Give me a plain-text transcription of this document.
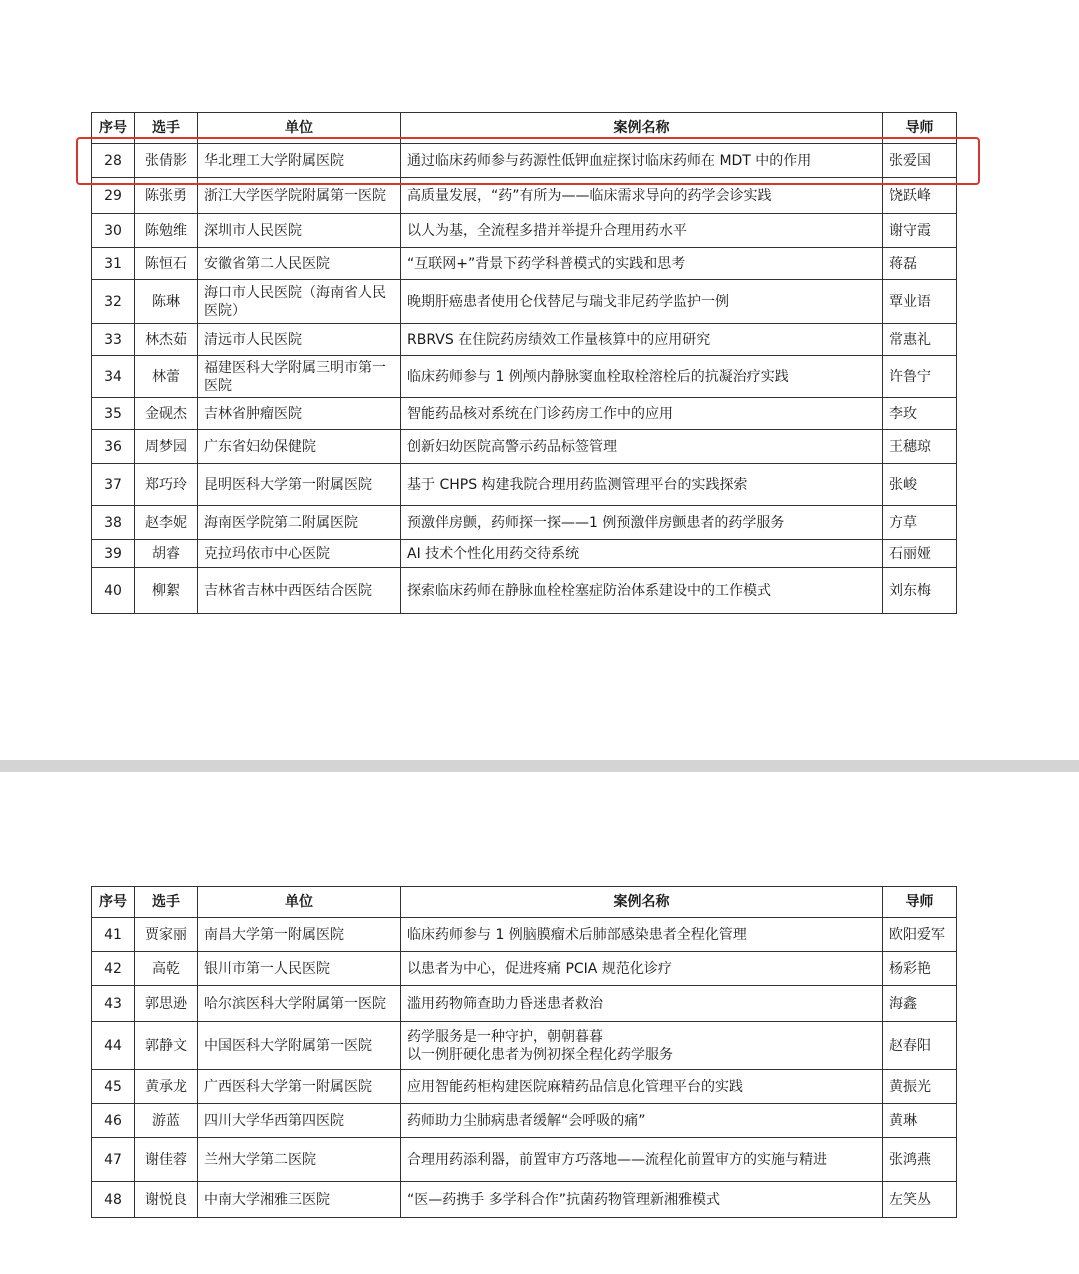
序号	选手	单位	案例名称	导师
28	张倩影	华北理工大学附属医院	通过临床药师参与药源性低钾血症探讨临床药师在 MDT 中的作用	张爱国
29	陈张勇	浙江大学医学院附属第一医院	高质量发展，“药”有所为——临床需求导向的药学会诊实践	饶跃峰
30	陈勉维	深圳市人民医院	以人为基，全流程多措并举提升合理用药水平	谢守霞
31	陈恒石	安徽省第二人民医院	“互联网+”背景下药学科普模式的实践和思考	蒋磊
32	陈琳	海口市人民医院（海南省人民医院）	晚期肝癌患者使用仑伐替尼与瑞戈非尼药学监护一例	覃业语
33	林杰茹	清远市人民医院	RBRVS 在住院药房绩效工作量核算中的应用研究	常惠礼
34	林蕾	福建医科大学附属三明市第一医院	临床药师参与 1 例颅内静脉窦血栓取栓溶栓后的抗凝治疗实践	许鲁宁
35	金砚杰	吉林省肿瘤医院	智能药品核对系统在门诊药房工作中的应用	李玫
36	周梦园	广东省妇幼保健院	创新妇幼医院高警示药品标签管理	王穗琼
37	郑巧玲	昆明医科大学第一附属医院	基于 CHPS 构建我院合理用药监测管理平台的实践探索	张峻
38	赵李妮	海南医学院第二附属医院	预激伴房颤，药师探一探——1 例预激伴房颤患者的药学服务	方草
39	胡睿	克拉玛依市中心医院	AI 技术个性化用药交待系统	石丽娅
40	柳絮	吉林省吉林中西医结合医院	探索临床药师在静脉血栓栓塞症防治体系建设中的工作模式	刘东梅
序号	选手	单位	案例名称	导师
41	贾家丽	南昌大学第一附属医院	临床药师参与 1 例脑膜瘤术后肺部感染患者全程化管理	欧阳爱军
42	高乾	银川市第一人民医院	以患者为中心，促进疼痛 PCIA 规范化诊疗	杨彩艳
43	郭思逊	哈尔滨医科大学附属第一医院	滥用药物筛查助力昏迷患者救治	海鑫
44	郭静文	中国医科大学附属第一医院	药学服务是一种守护，朝朝暮暮
以一例肝硬化患者为例初探全程化药学服务	赵春阳
45	黄承龙	广西医科大学第一附属医院	应用智能药柜构建医院麻精药品信息化管理平台的实践	黄振光
46	游蓝	四川大学华西第四医院	药师助力尘肺病患者缓解“会呼吸的痛”	黄琳
47	谢佳蓉	兰州大学第二医院	合理用药添利器，前置审方巧落地——流程化前置审方的实施与精进	张鸿燕
48	谢悦良	中南大学湘雅三医院	“医—药携手 多学科合作”抗菌药物管理新湘雅模式	左笑丛
